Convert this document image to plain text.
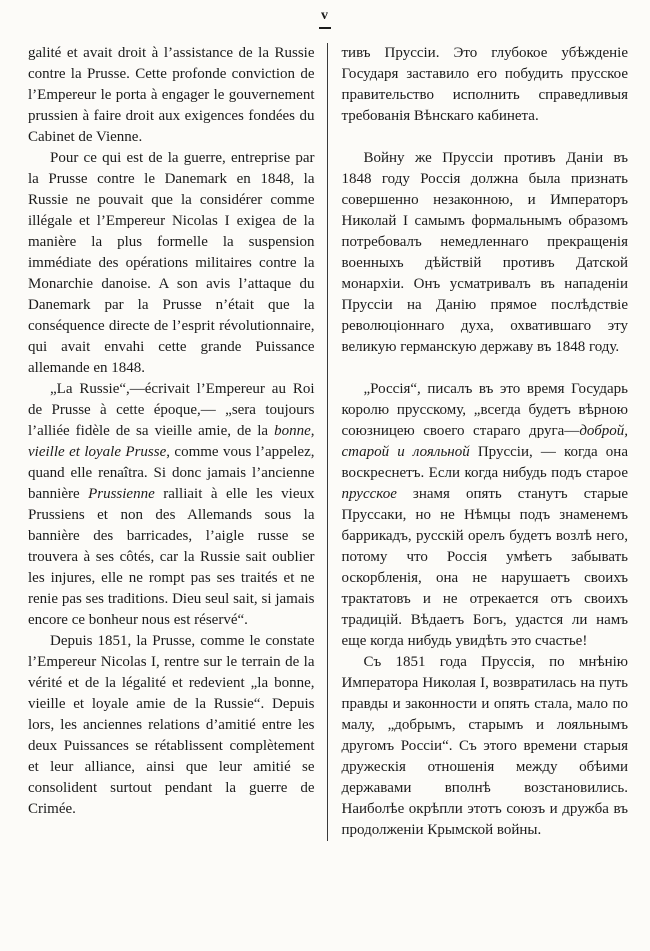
v

galité et avait droit à l’assistance de la Russie contre la Prusse. Cette profonde conviction de l’Empereur le porta à engager le gouvernement prussien à faire droit aux exigences fondées du Cabinet de Vienne.

Pour ce qui est de la guerre, entreprise par la Prusse contre le Danemark en 1848, la Russie ne pouvait que la considérer comme illégale et l’Empereur Nicolas I exigea de la manière la plus formelle la suspension immédiate des opérations militaires contre la Monarchie danoise. A son avis l’attaque du Danemark par la Prusse n’était que la conséquence directe de l’esprit révolutionnaire, qui avait envahi cette grande Puissance allemande en 1848.

„La Russie“,—écrivait l’Empereur au Roi de Prusse à cette époque,— „sera toujours l’alliée fidèle de sa vieille amie, de la bonne, vieille et loyale Prusse, comme vous l’appelez, quand elle renaîtra. Si donc jamais l’ancienne bannière Prussienne ralliait à elle les vieux Prussiens et non des Allemands sous la bannière des barricades, l’aigle russe se trouvera à ses côtés, car la Russie sait oublier les injures, elle ne rompt pas ses traités et ne renie pas ses traditions. Dieu seul sait, si jamais encore ce bonheur nous est réservé“.

Depuis 1851, la Prusse, comme le constate l’Empereur Nicolas I, rentre sur le terrain de la vérité et de la légalité et redevient „la bonne, vieille et loyale amie de la Russie“. Depuis lors, les anciennes relations d’amitié entre les deux Puissances se rétablissent complètement et leur alliance, ainsi que leur amitié se consolident surtout pendant la guerre de Crimée.

тивъ Пруссіи. Это глубокое убѣжденіе Государя заставило его побудить прусское правительство исполнить справедливыя требованія Вѣнскаго кабинета.

Войну же Пруссіи противъ Даніи въ 1848 году Россія должна была признать совершенно незаконною, и Императоръ Николай I самымъ формальнымъ образомъ потребовалъ немедленнаго прекращенія военныхъ дѣйствій противъ Датской монархіи. Онъ усматривалъ въ нападеніи Пруссіи на Данію прямое послѣдствіе революціоннаго духа, охватившаго эту великую германскую державу въ 1848 году.

„Россія“, писалъ въ это время Государь королю прусскому, „всегда будетъ вѣрною союзницею своего стараго друга—доброй, старой и лояльной Пруссіи, — когда она воскреснетъ. Если когда нибудь подъ старое прусское знамя опять станутъ старые Пруссаки, но не Нѣмцы подъ знаменемъ баррикадъ, русскій орелъ будетъ возлѣ него, потому что Россія умѣетъ забывать оскорбленія, она не нарушаетъ своихъ трактатовъ и не отрекается отъ своихъ традицій. Вѣдаетъ Богъ, удастся ли намъ еще когда нибудь увидѣть это счастье!

Съ 1851 года Пруссія, по мнѣнію Императора Николая I, возвратилась на путь правды и законности и опять стала, мало по малу, „добрымъ, старымъ и лояльнымъ другомъ Россіи“. Съ этого времени старыя дружескія отношенія между обѣими державами вполнѣ возстановились. Наиболѣе окрѣпли этотъ союзъ и дружба въ продолженіи Крымской войны.
